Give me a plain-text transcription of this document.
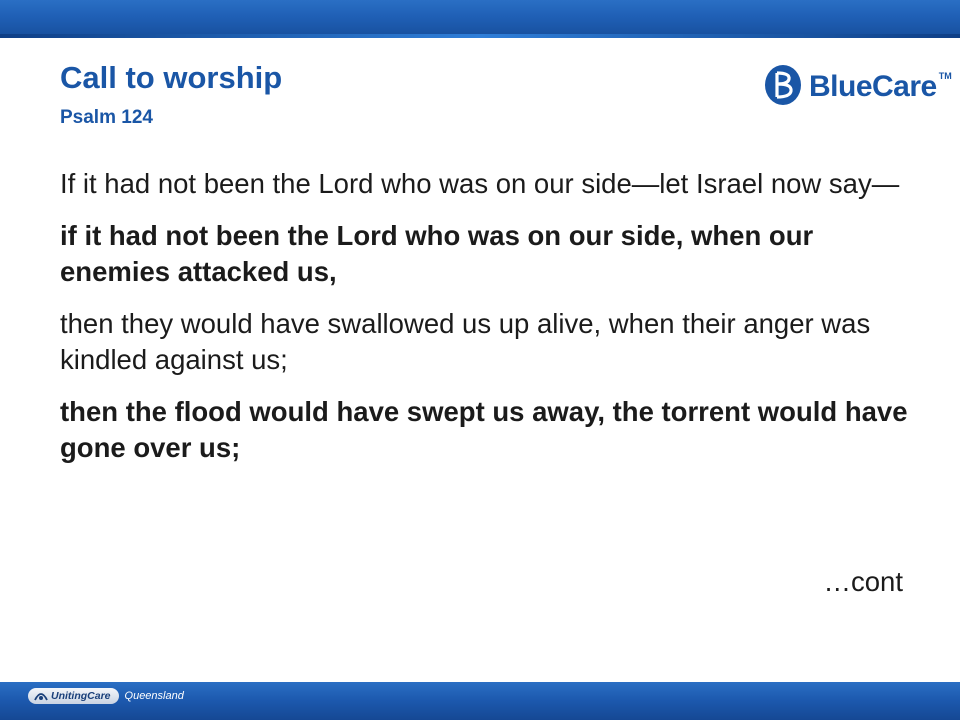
Call to worship
Psalm 124
BlueCare TM

If it had not been the Lord who was on our side—let Israel now say—

if it had not been the Lord who was on our side, when our enemies attacked us,

then they would have swallowed us up alive, when their anger was kindled against us;

then the flood would have swept us away, the torrent would have gone over us;

…cont
UnitingCare Queensland
